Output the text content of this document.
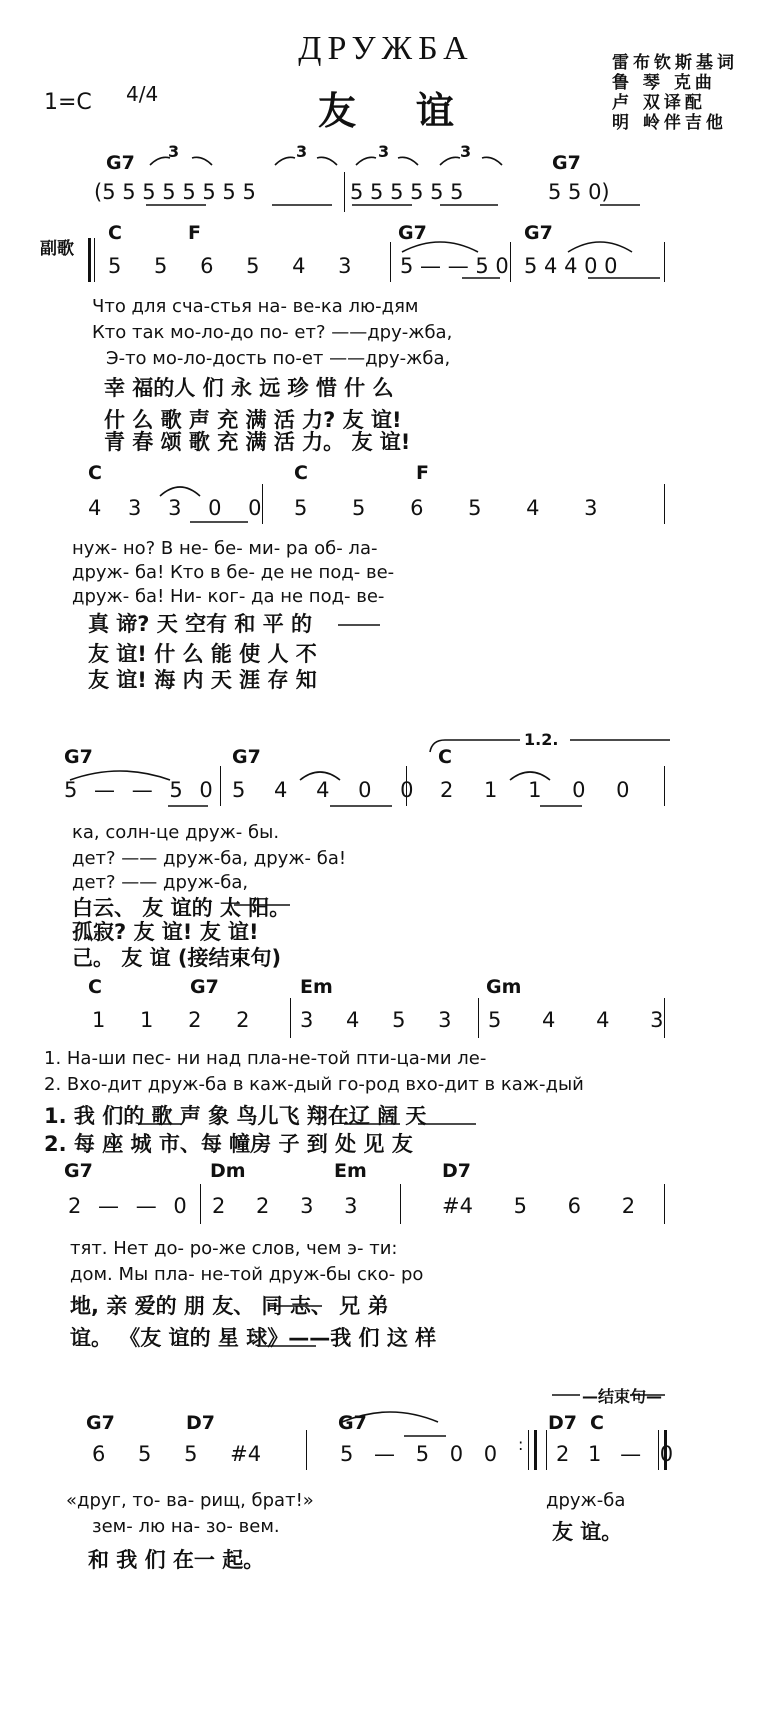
ДРУЖБА
友谊
1=C 4/4
雷布钦斯基词
鲁 琴 克曲
卢 双译配
明 岭伴吉他
3	3	3	3
G7	G7
(5 5 5 5 5 5 5 5	5 5 5 5 5 5	5 5 0)
副歌
C	F	G7	G7
5 5 6 5 4 3 5 — — 5 0 5 4 4 0 0
Что для сча-стья на- ве-ка лю-дям
Кто так мо-ло-до по- ет? ——дру-жба,
Э-то мо-ло-дость по-ет ——дру-жба,
幸 福的人 们 永 远 珍 惜 什 么
什 么 歌 声 充 满 活 力? 友 谊!
青 春 颂 歌 充 满 活 力。 友 谊!
C	C	F
4 3 3 0 0 5 5 6 5 4 3
нуж- но? В не- бе- ми- ра об- ла-
друж- ба! Кто в бе- де не под- ве-
друж- ба! Ни- ког- да не под- ве-
真 谛? 天 空有 和 平 的
友 谊! 什 么 能 使 人 不
友 谊! 海 内 天 涯 存 知
1.2.
G7	G7	C
5 — — 5 0 5 4 4 0 0 2 1 1 0 0
ка, солн-це друж- бы.
дет? —— друж-ба, друж- ба!
дет? —— друж-ба,
白云、 友 谊的 太 阳。
孤寂? 友 谊! 友 谊!
己。 友 谊 (接结束句)
C	G7	Em	Gm
1 1 2 2 3 4 5 3 5 4 4 3
1. На-ши пес- ни над пла-не-той пти-ца-ми ле-
2. Вхо-дит друж-ба в каж-дый го-род вхо-дит в каж-дый
1. 我 们的 歌 声 象 鸟儿飞 翔在辽 阔 天
2. 每 座 城 市、每 幢房 子 到 处 见 友
G7	Dm	Em	D7
2 — — 0 2 2 3 3	#4 5 6 2
тят. Нет до- ро-же слов, чем э- ти:
дом. Мы пла- не-той друж-бы ско- ро
地, 亲 爱的 朋 友、 同 志、 兄 弟
谊。 《友 谊的 星 球》——我 们 这 样
—结束句—
G7	D7	G7	D7 C
6 5 5 #4	5 — 5 0 0	2 1 — 0
:
«друг, то- ва- рищ, брат!»	друж-ба
зем- лю на- зо- вем.
和 我 们 在一 起。
友 谊。
